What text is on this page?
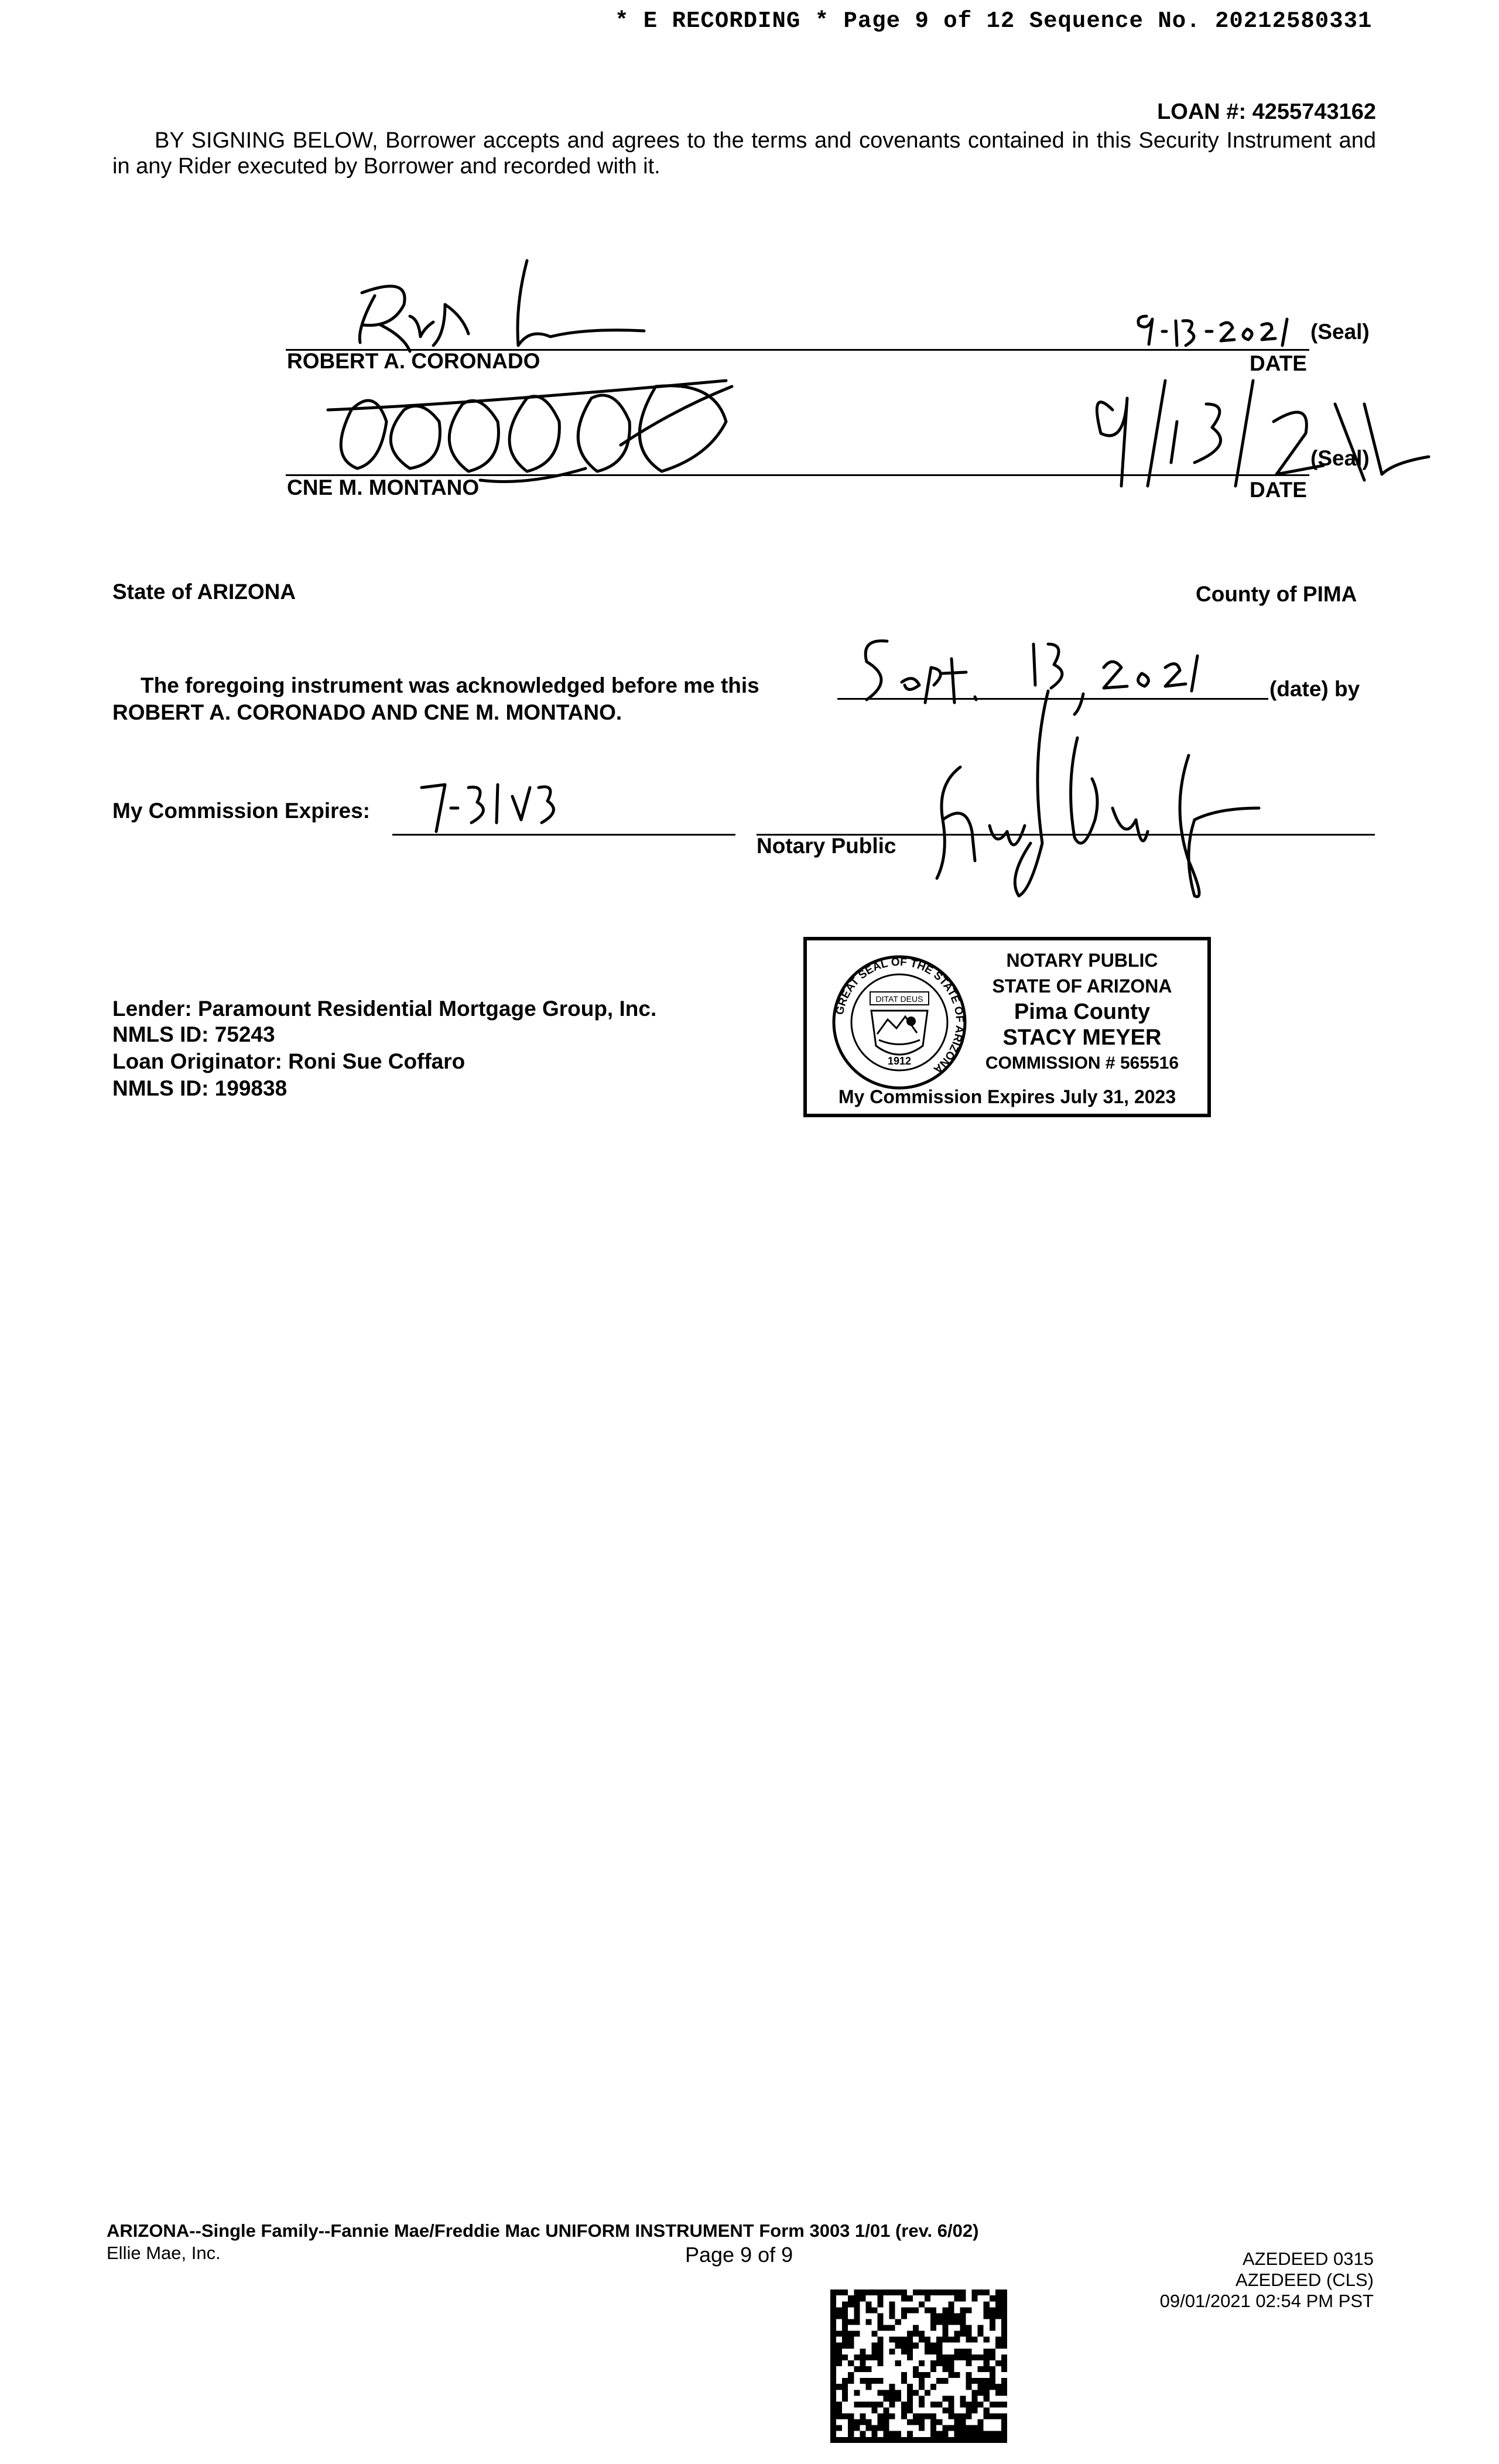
* E RECORDING * Page 9 of 12 Sequence No. 20212580331
LOAN #: 4255743162
BY SIGNING BELOW, Borrower accepts and agrees to the terms and covenants contained in this Security Instrument and in any Rider executed by Borrower and recorded with it.
ROBERT A. CORONADO
(Seal)
DATE
CNE M. MONTANO
(Seal)
DATE
State of ARIZONA	County of PIMA
The foregoing instrument was acknowledged before me this	(date) by
ROBERT A. CORONADO AND CNE M. MONTANO.
My Commission Expires:
Notary Public
Lender: Paramount Residential Mortgage Group, Inc.
NMLS ID: 75243
Loan Originator: Roni Sue Coffaro
NMLS ID: 199838
GREAT SEAL OF THE STATE OF ARIZONA
DITAT DEUS
1912
NOTARY PUBLIC
STATE OF ARIZONA
Pima County
STACY MEYER
COMMISSION # 565516
My Commission Expires July 31, 2023
ARIZONA--Single Family--Fannie Mae/Freddie Mac UNIFORM INSTRUMENT Form 3003 1/01 (rev. 6/02)
Ellie Mae, Inc.	Page 9 of 9	AZEDEED 0315
AZEDEED (CLS)
09/01/2021 02:54 PM PST
